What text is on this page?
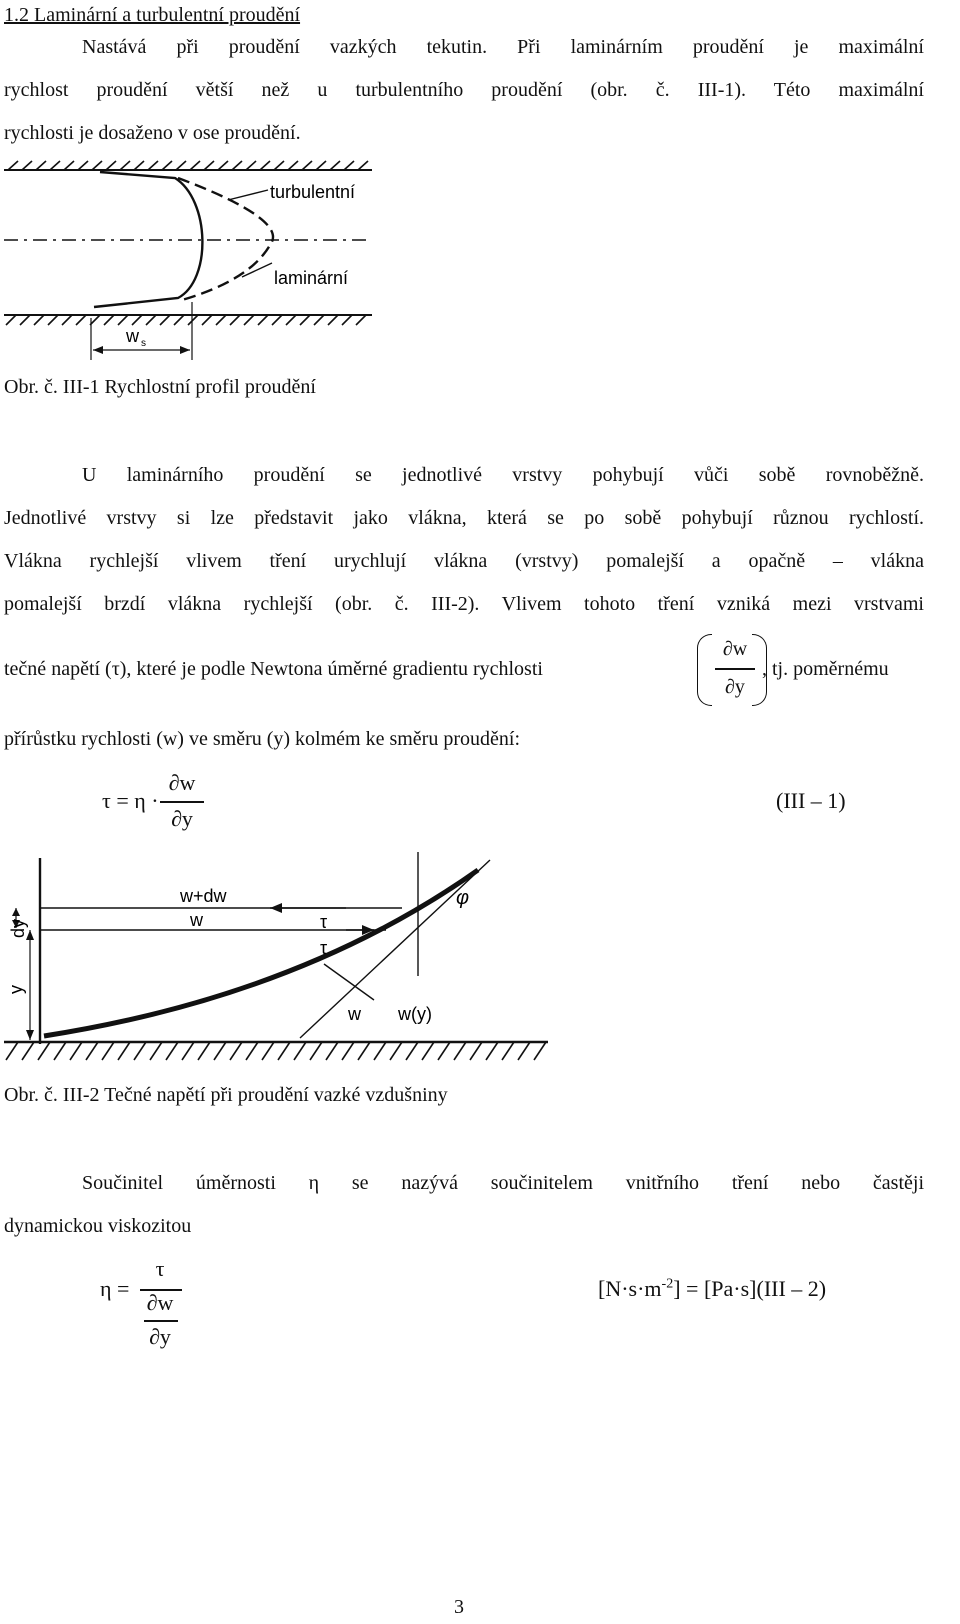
1.2 Laminární a turbulentní proudění
Nastává při proudění vazkých tekutin. Při laminárním proudění je maximální
rychlost proudění větší než u turbulentního proudění (obr. č. III-1). Této maximální
rychlosti je dosaženo v ose proudění.
turbulentní
laminární
w s
Obr. č. III-1 Rychlostní profil proudění
U laminárního proudění se jednotlivé vrstvy pohybují vůči sobě rovnoběžně.
Jednotlivé vrstvy si lze představit jako vlákna, která se po sobě pohybují různou rychlostí.
Vlákna rychlejší vlivem tření urychlují vlákna (vrstvy) pomalejší a opačně – vlákna
pomalejší brzdí vlákna rychlejší (obr. č. III-2). Vlivem tohoto tření vzniká mezi vrstvami
tečné napětí (τ), které je podle Newtona úměrné gradientu rychlosti
∂w
∂y
, tj. poměrnému
přírůstku rychlosti (w) ve směru (y) kolmém ke směru proudění:
τ = η ·
∂w
∂y
(III – 1)
dy
y
w+dw
w	τ
τ
φ
w w(y)
Obr. č. III-2 Tečné napětí při proudění vazké vzdušniny
Součinitel úměrnosti η se nazývá součinitelem vnitřního tření nebo častěji
dynamickou viskozitou
η =
τ
∂w
∂y
$[N\cdot s\cdot m^{-2}] = [Pa\cdot s](III - 2)$
3
